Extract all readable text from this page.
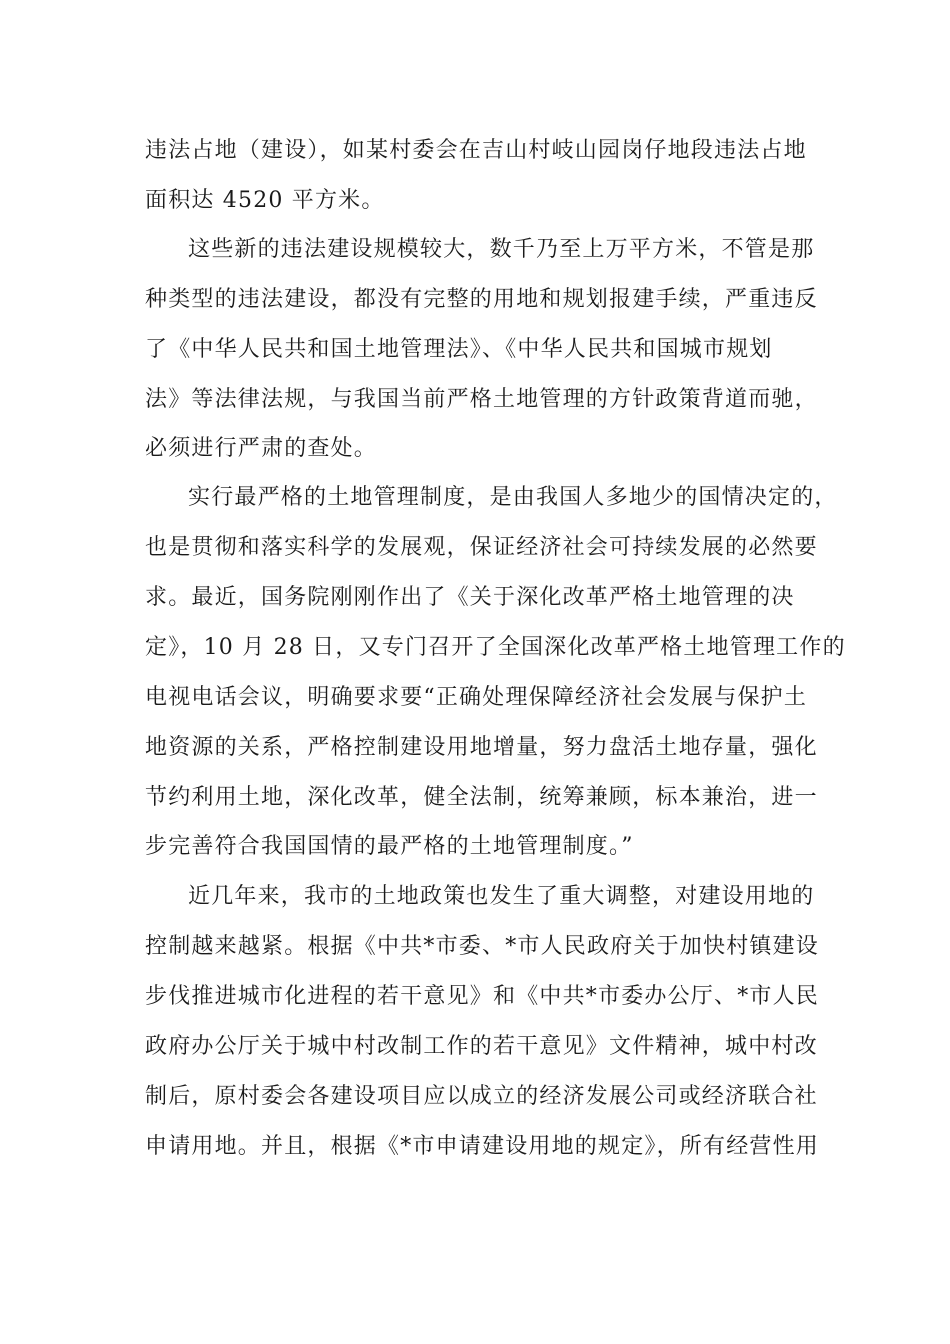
违法占地（建设），如某村委会在吉山村岐山园岗仔地段违法占地
面积达 4520 平方米。
这些新的违法建设规模较大，数千乃至上万平方米，不管是那
种类型的违法建设，都没有完整的用地和规划报建手续，严重违反
了《中华人民共和国土地管理法》、《中华人民共和国城市规划
法》等法律法规，与我国当前严格土地管理的方针政策背道而驰，
必须进行严肃的查处。
实行最严格的土地管理制度，是由我国人多地少的国情决定的，
也是贯彻和落实科学的发展观，保证经济社会可持续发展的必然要
求。最近，国务院刚刚作出了《关于深化改革严格土地管理的决
定》，10 月 28 日，又专门召开了全国深化改革严格土地管理工作的
电视电话会议，明确要求要“正确处理保障经济社会发展与保护土
地资源的关系，严格控制建设用地增量，努力盘活土地存量，强化
节约利用土地，深化改革，健全法制，统筹兼顾，标本兼治，进一
步完善符合我国国情的最严格的土地管理制度。”
近几年来，我市的土地政策也发生了重大调整，对建设用地的
控制越来越紧。根据《中共*市委、*市人民政府关于加快村镇建设
步伐推进城市化进程的若干意见》和《中共*市委办公厅、*市人民
政府办公厅关于城中村改制工作的若干意见》文件精神，城中村改
制后，原村委会各建设项目应以成立的经济发展公司或经济联合社
申请用地。并且，根据《*市申请建设用地的规定》，所有经营性用
